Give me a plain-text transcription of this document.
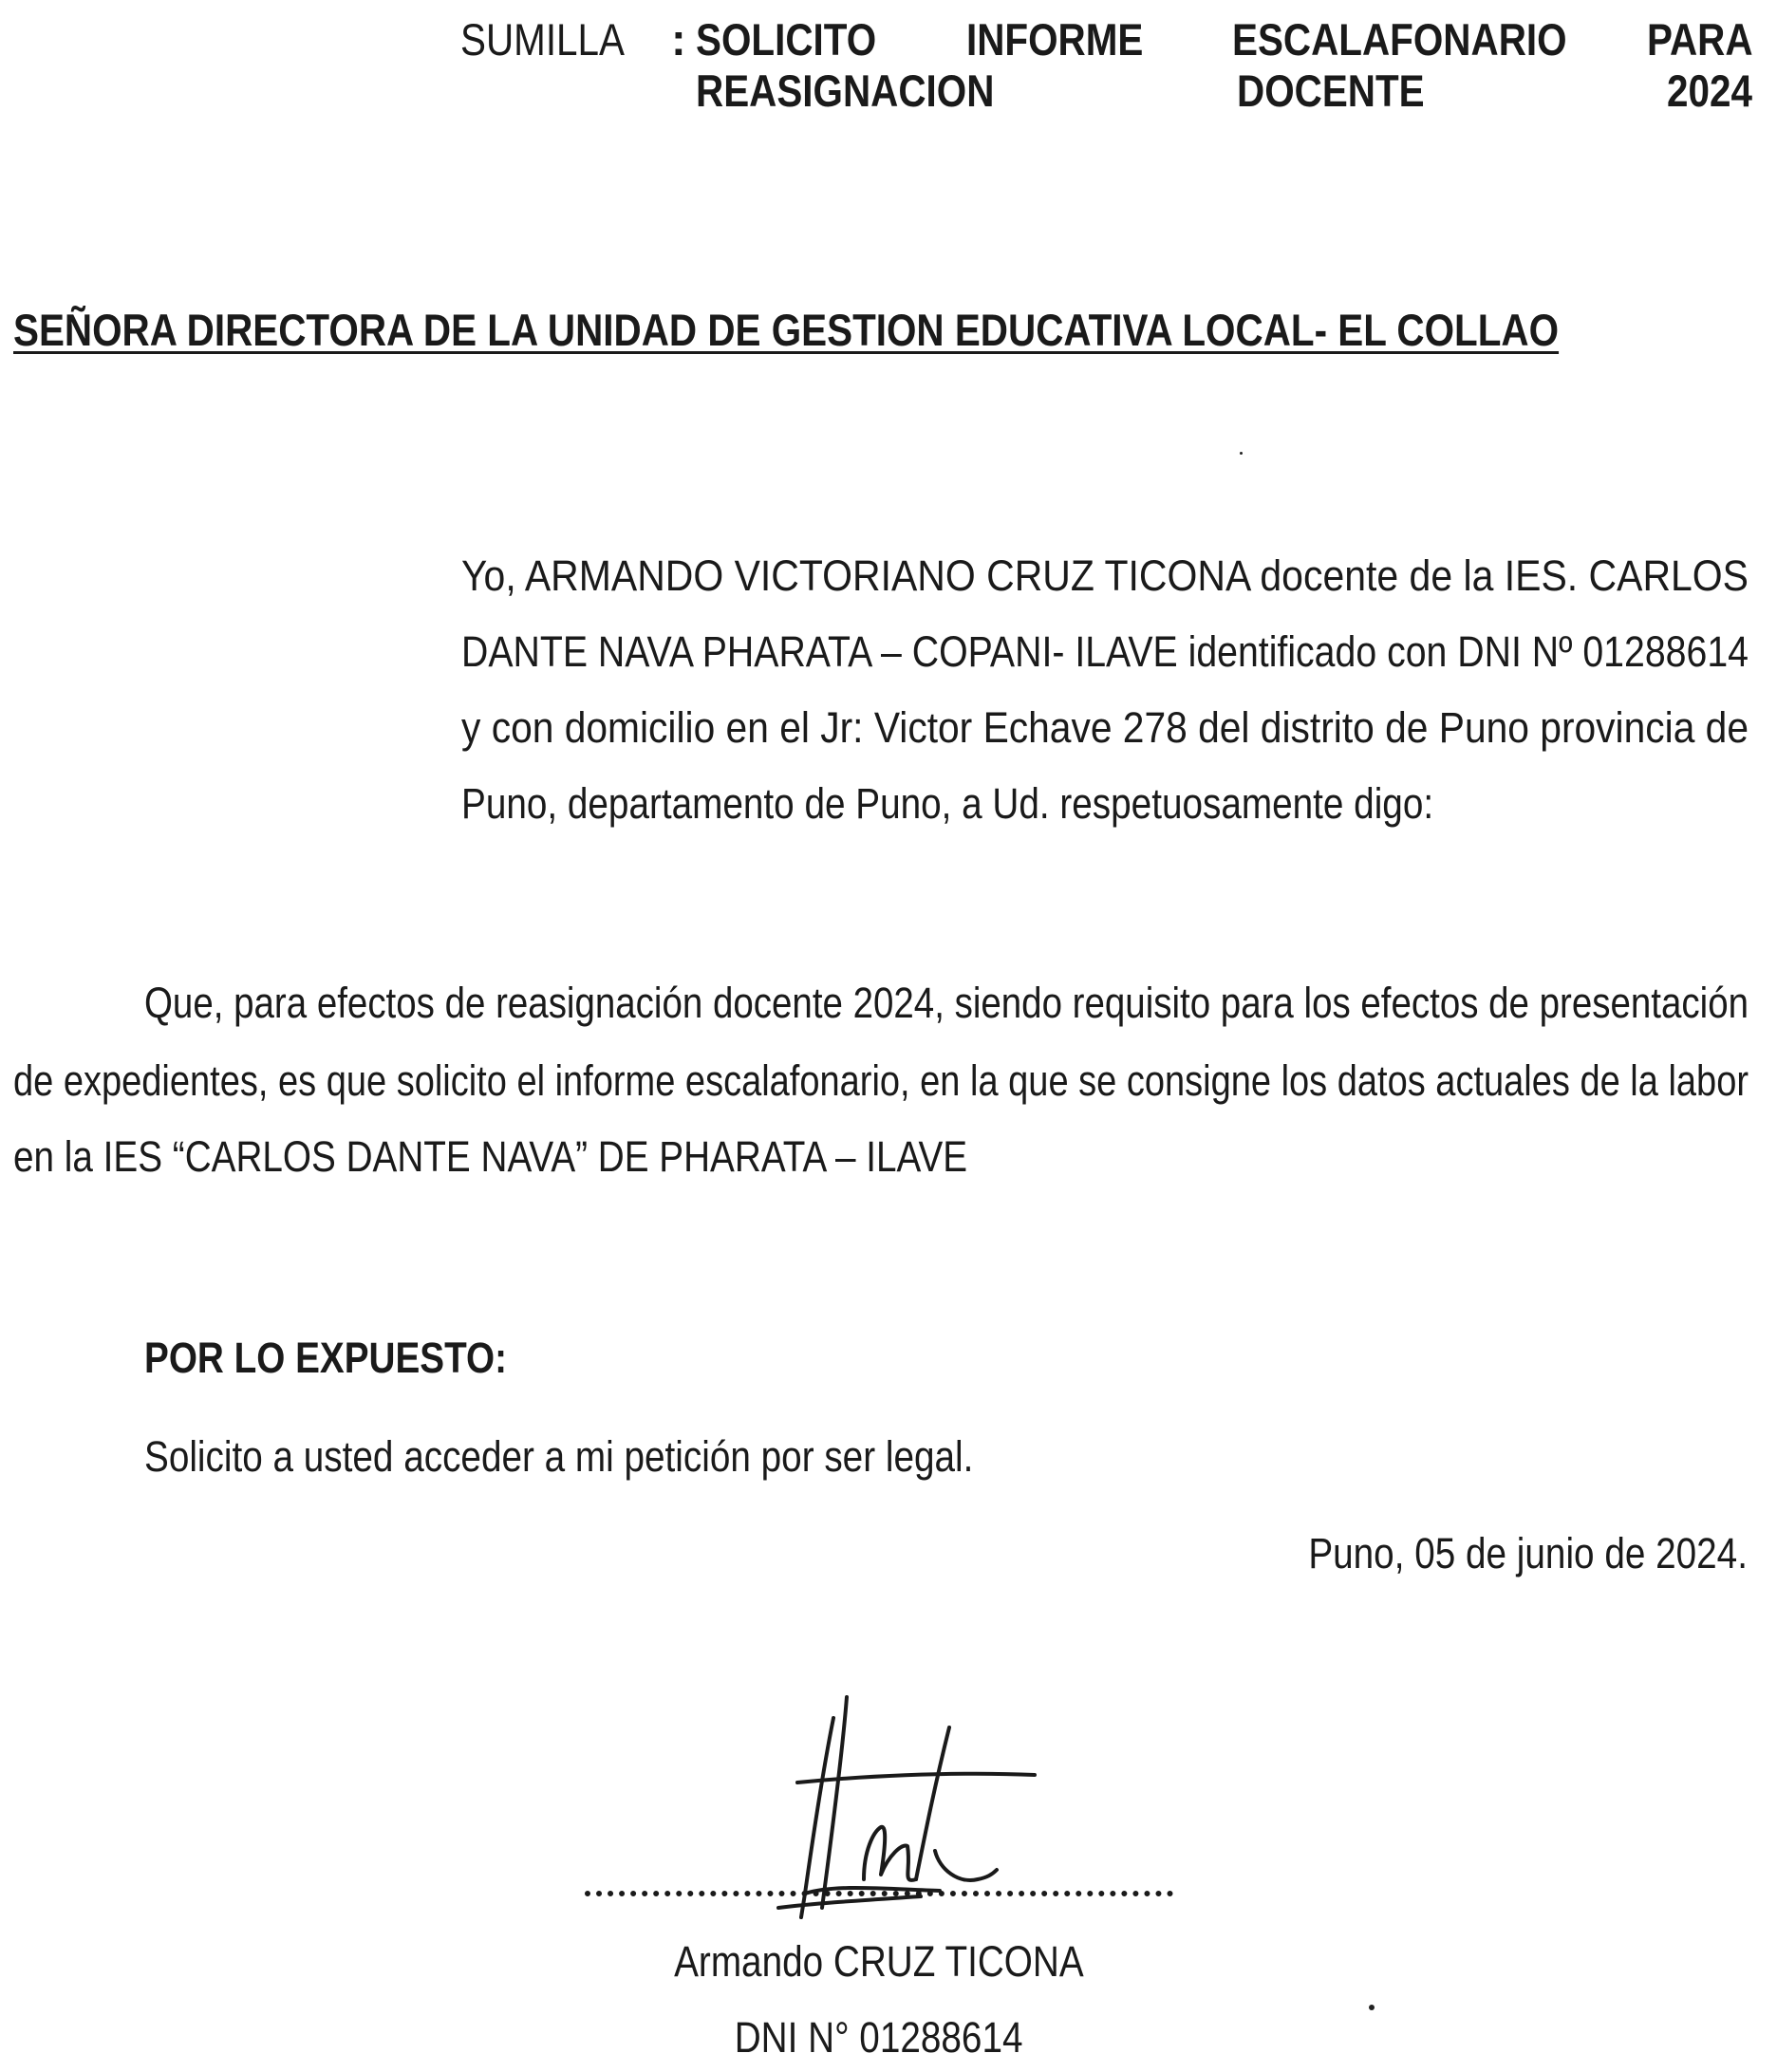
SUMILLA	: SOLICITO	INFORME	ESCALAFONARIO	PARA
REASIGNACION	DOCENTE	2024
SEÑORA DIRECTORA DE LA UNIDAD DE GESTION EDUCATIVA LOCAL- EL COLLAO
Yo, ARMANDO VICTORIANO CRUZ TICONA docente de la IES. CARLOS
DANTE NAVA PHARATA – COPANI- ILAVE identificado con DNI Nº 01288614
y con domicilio en el Jr: Victor Echave 278 del distrito de Puno provincia de
Puno, departamento de Puno, a Ud. respetuosamente digo:
Que, para efectos de reasignación docente 2024, siendo requisito para los efectos de presentación
de expedientes, es que solicito el informe escalafonario, en la que se consigne los datos actuales de la labor
en la IES “CARLOS DANTE NAVA” DE PHARATA – ILAVE
POR LO EXPUESTO:
Solicito a usted acceder a mi petición por ser legal.
Puno, 05 de junio de 2024.
Armando CRUZ TICONA
DNI N° 01288614
